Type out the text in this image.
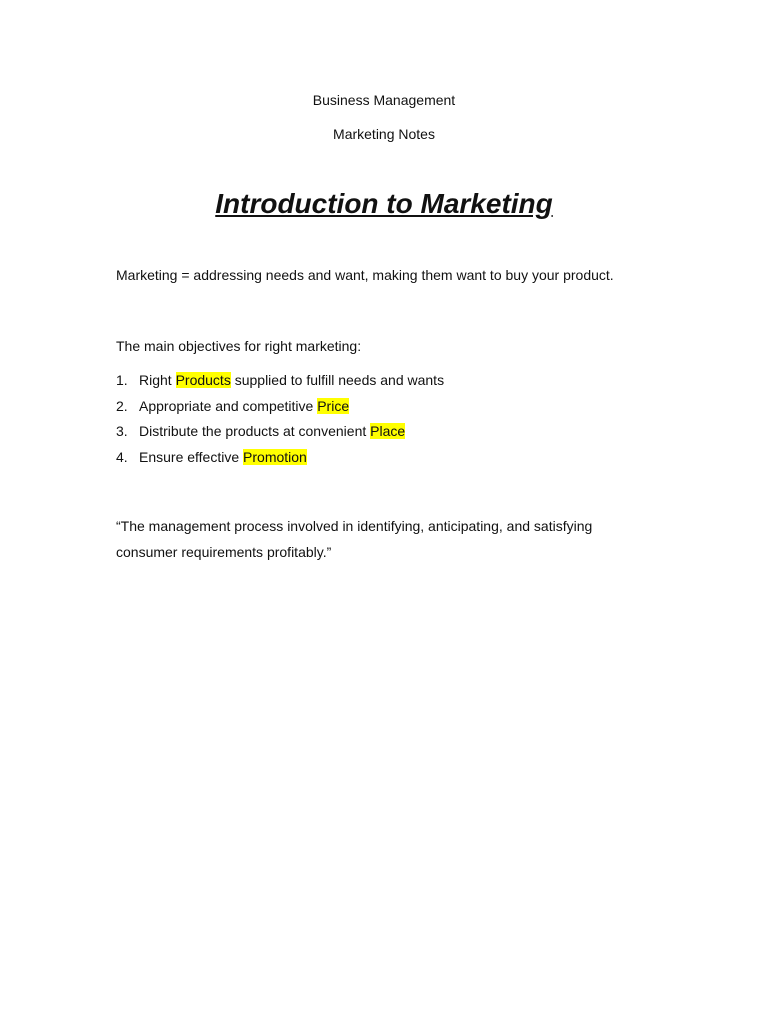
Business Management

Marketing Notes

Introduction to Marketing

Marketing = addressing needs and want, making them want to buy your product.

The main objectives for right marketing:

1. Right Products supplied to fulfill needs and wants
2. Appropriate and competitive Price
3. Distribute the products at convenient Place
4. Ensure effective Promotion

“The management process involved in identifying, anticipating, and satisfying consumer requirements profitably.”
